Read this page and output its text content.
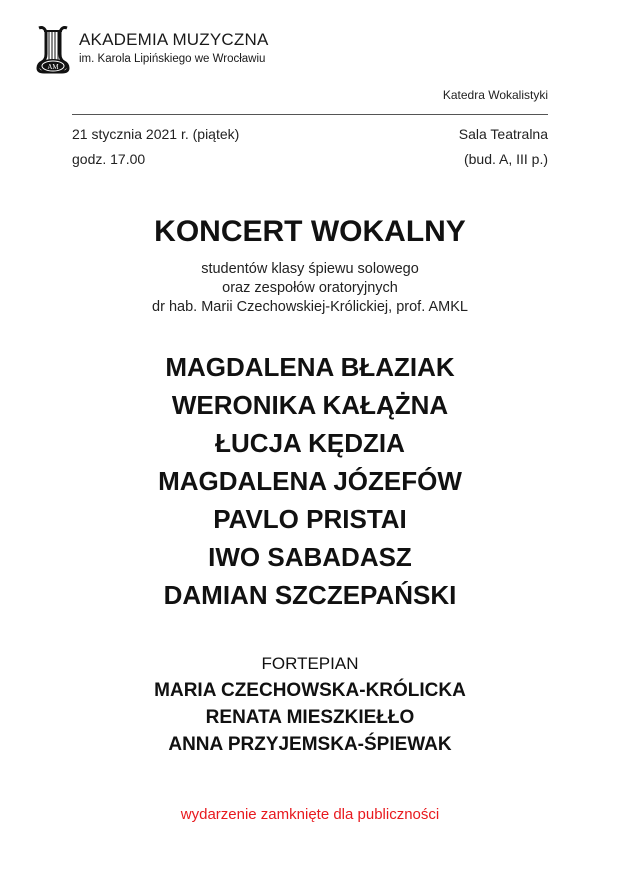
AM
AKADEMIA MUZYCZNA
im. Karola Lipińskiego we Wrocławiu
Katedra Wokalistyki
21 stycznia 2021 r. (piątek)
godz. 17.00
Sala Teatralna
(bud. A, III p.)
KONCERT WOKALNY
studentów klasy śpiewu solowego
oraz zespołów oratoryjnych
dr hab. Marii Czechowskiej-Królickiej, prof. AMKL
MAGDALENA BŁAZIAK
WERONIKA KAŁĄŻNA
ŁUCJA KĘDZIA
MAGDALENA JÓZEFÓW
PAVLO PRISTAI
IWO SABADASZ
DAMIAN SZCZEPAŃSKI
FORTEPIAN
MARIA CZECHOWSKA-KRÓLICKA
RENATA MIESZKIEŁŁO
ANNA PRZYJEMSKA-ŚPIEWAK
wydarzenie zamknięte dla publiczności
